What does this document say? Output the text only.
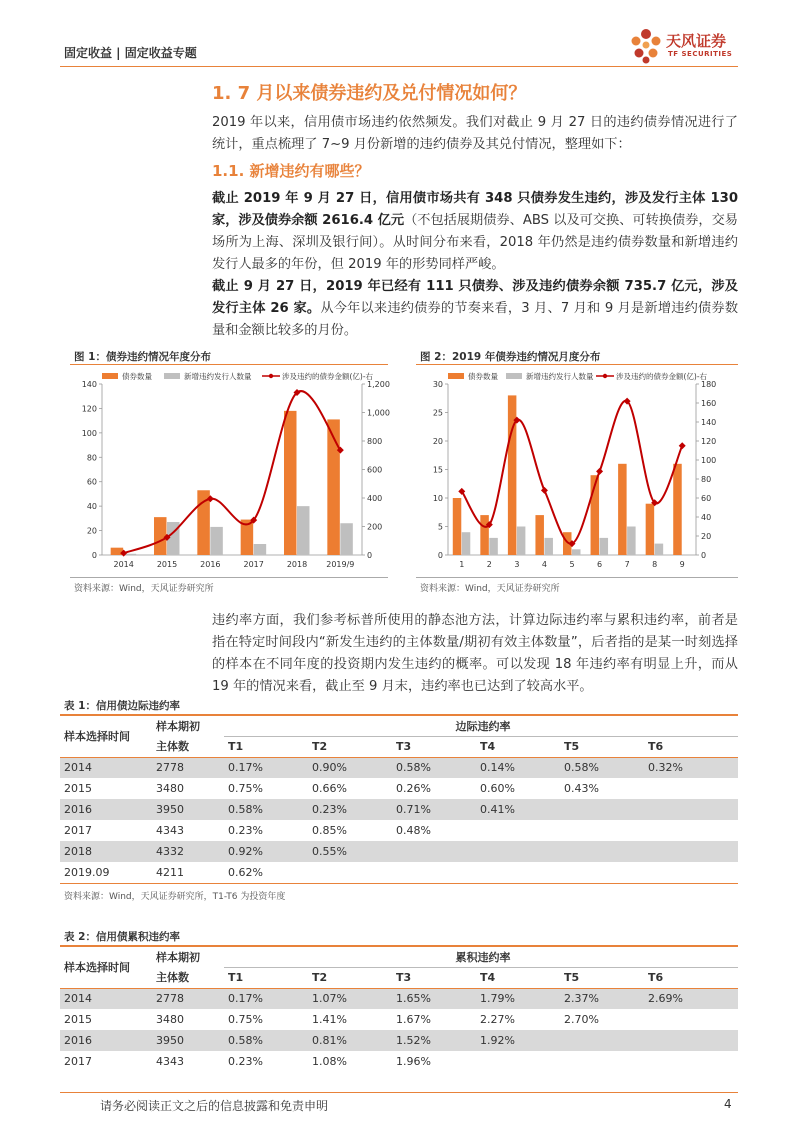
固定收益 | 固定收益专题
天风证券
TF SECURITIES
1. 7 月以来债券违约及兑付情况如何？
2019 年以来，信用债市场违约依然频发。我们对截止 9 月 27 日的违约债券情况进行了统计，重点梳理了 7~9 月份新增的违约债券及其兑付情况，整理如下：
1.1. 新增违约有哪些？
截止 2019 年 9 月 27 日，信用债市场共有 348 只债券发生违约，涉及发行主体 130 家，涉及债券余额 2616.4 亿元（不包括展期债券、ABS 以及可交换、可转换债券，交易场所为上海、深圳及银行间）。从时间分布来看，2018 年仍然是违约债券数量和新增违约发行人最多的年份，但 2019 年的形势同样严峻。
截止 9 月 27 日，2019 年已经有 111 只债券、涉及违约债券余额 735.7 亿元，涉及发行主体 26 家。从今年以来违约债券的节奏来看，3 月、7 月和 9 月是新增违约债券数量和金额比较多的月份。
图 1：债券违约情况年度分布
债券数量	新增违约发行人数量	涉及违约的债券金额(亿)-右
0
20
40
60
80
100
120
140
0
200
400
600
800
1,000
1,200
2014	2015	2016	2017	2018 2019/9
资料来源：Wind，天风证券研究所
图 2：2019 年债券违约情况月度分布
债券数量	新增违约发行人数量	涉及违约的债券金额(亿)-右
0
5
10
15
20
25
30
0
20
40
60
80
100
120
140
160
180
1	2	3	4	5	6	7	8	9
资料来源：Wind，天风证券研究所
违约率方面，我们参考标普所使用的静态池方法，计算边际违约率与累积违约率，前者是指在特定时间段内“新发生违约的主体数量/期初有效主体数量”，后者指的是某一时刻选择的样本在不同年度的投资期内发生违约的概率。可以发现 18 年违约率有明显上升，而从 19 年的情况来看，截止至 9 月末，违约率也已达到了较高水平。
表 1：信用债边际违约率
样本选择时间	样本期初	边际违约率					
	主体数	T1	T2	T3	T4	T5	T6
2014	2778	0.17%	0.90%	0.58%	0.14%	0.58%	0.32%
2015	3480	0.75%	0.66%	0.26%	0.60%	0.43%	
2016	3950	0.58%	0.23%	0.71%	0.41%		
2017	4343	0.23%	0.85%	0.48%			
2018	4332	0.92%	0.55%				
2019.09	4211	0.62%					
资料来源：Wind，天风证券研究所，T1-T6 为投资年度
表 2：信用债累积违约率
样本选择时间	样本期初	累积违约率					
	主体数	T1	T2	T3	T4	T5	T6
2014	2778	0.17%	1.07%	1.65%	1.79%	2.37%	2.69%
2015	3480	0.75%	1.41%	1.67%	2.27%	2.70%	
2016	3950	0.58%	0.81%	1.52%	1.92%		
2017	4343	0.23%	1.08%	1.96%			
请务必阅读正文之后的信息披露和免责申明	4
